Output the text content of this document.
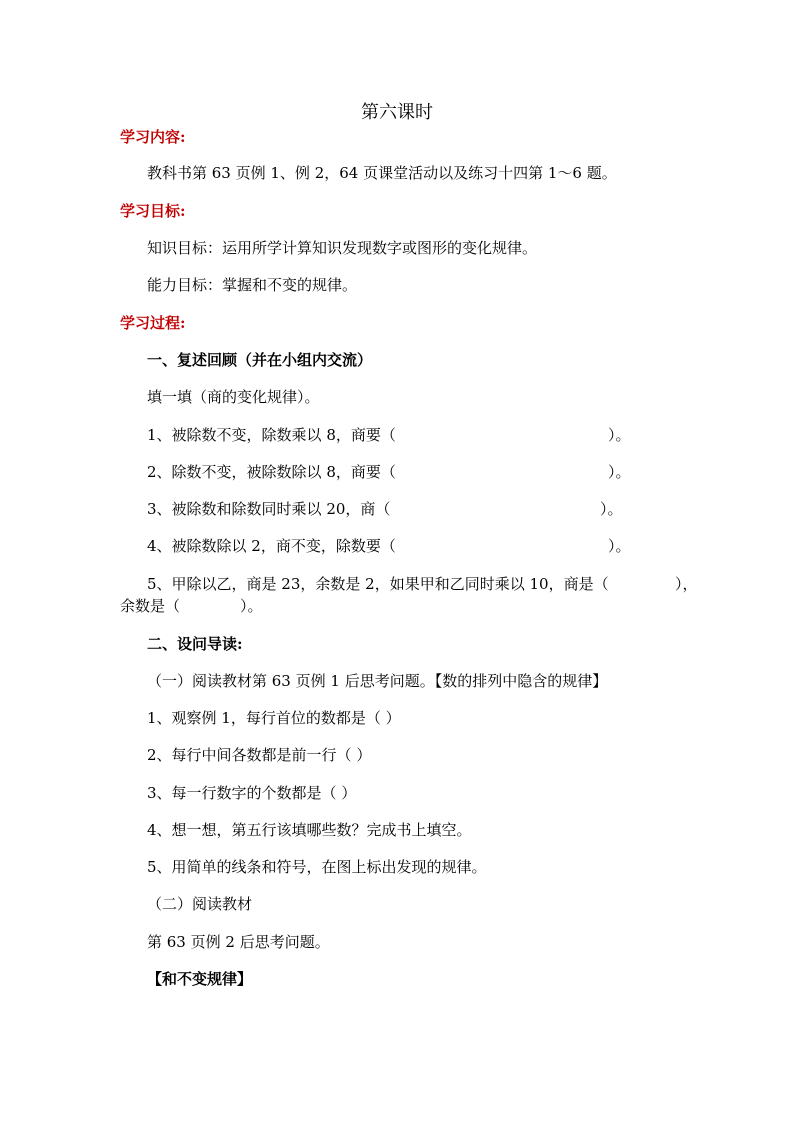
第六课时
学习内容:
教科书第 63 页例 1、例 2，64 页课堂活动以及练习十四第 1～6 题。
学习目标:
知识目标：运用所学计算知识发现数字或图形的变化规律。
能力目标：掌握和不变的规律。
学习过程:
一、复述回顾（并在小组内交流）
填一填（商的变化规律）。
1、被除数不变，除数乘以 8，商要（	）。
2、除数不变，被除数除以 8，商要（	）。
3、被除数和除数同时乘以 20，商（	）。
4、被除数除以 2，商不变，除数要（	）。
5、甲除以乙，商是 23，余数是 2，如果甲和乙同时乘以 10，商是（	），
余数是（　　　　）。
二、设问导读:
（一）阅读教材第 63 页例 1 后思考问题。【数的排列中隐含的规律】
1、观察例 1，每行首位的数都是（ ）
2、每行中间各数都是前一行（ ）
3、每一行数字的个数都是（ ）
4、想一想，第五行该填哪些数？完成书上填空。
5、用简单的线条和符号，在图上标出发现的规律。
（二）阅读教材
第 63 页例 2 后思考问题。
【和不变规律】
